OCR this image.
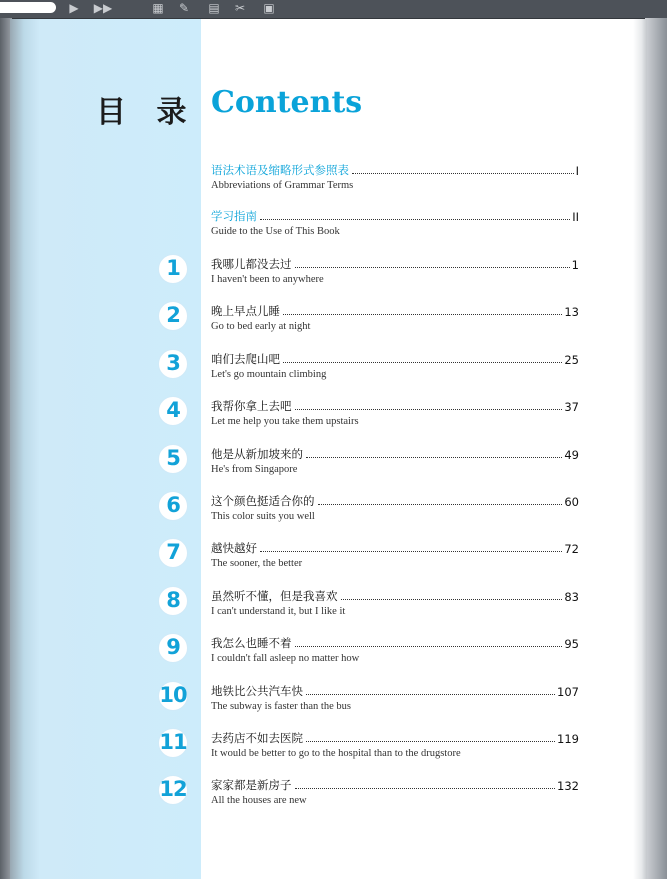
▶ ▶▶	▦ ✎ ▤ ✂ ▣
目 录 Contents
语法术语及缩略形式参照表	I
Abbreviations of Grammar Terms
学习指南	II
Guide to the Use of This Book
1	我哪儿都没去过	1
I haven't been to anywhere
2	晚上早点儿睡	13
Go to bed early at night
3	咱们去爬山吧	25
Let's go mountain climbing
4	我帮你拿上去吧	37
Let me help you take them upstairs
5	他是从新加坡来的	49
He's from Singapore
6	这个颜色挺适合你的	60
This color suits you well
7	越快越好	72
The sooner, the better
8	虽然听不懂，但是我喜欢	83
I can't understand it, but I like it
9	我怎么也睡不着	95
I couldn't fall asleep no matter how
10 地铁比公共汽车快	107
The subway is faster than the bus
11 去药店不如去医院	119
It would be better to go to the hospital than to the drugstore
12 家家都是新房子	132
All the houses are new
